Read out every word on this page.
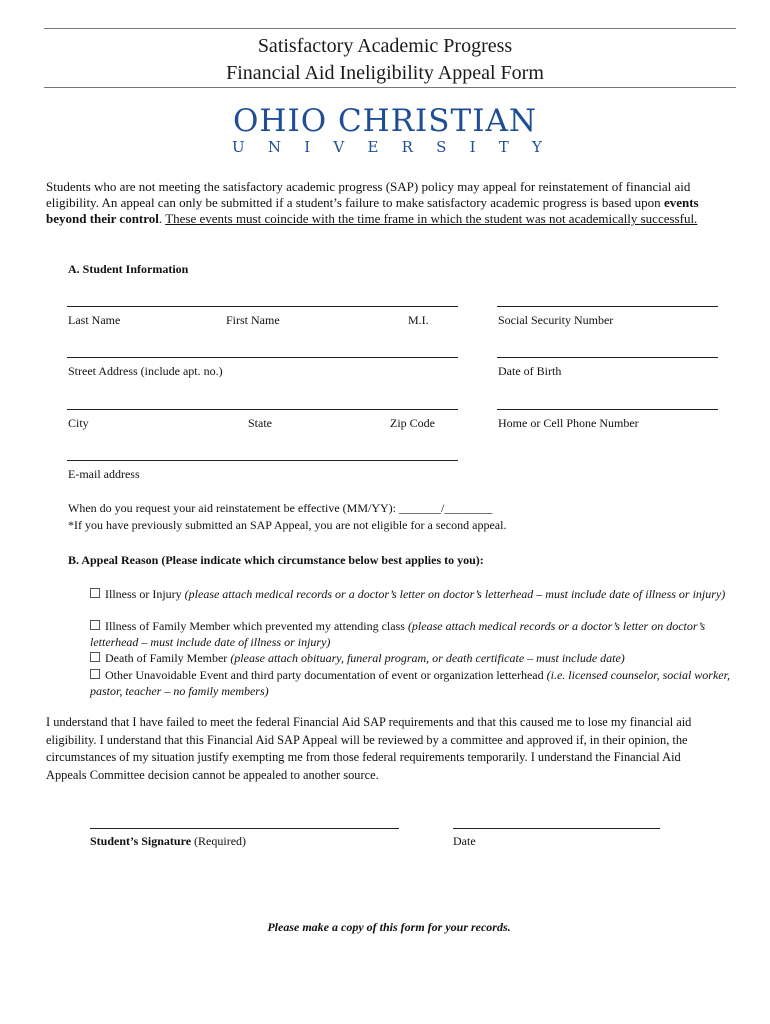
Satisfactory Academic Progress
Financial Aid Ineligibility Appeal Form
OHIO CHRISTIAN
U N I V E R S I T Y
Students who are not meeting the satisfactory academic progress (SAP) policy may appeal for reinstatement of financial aid eligibility. An appeal can only be submitted if a student’s failure to make satisfactory academic progress is based upon events beyond their control. These events must coincide with the time frame in which the student was not academically successful.
A. Student Information
Last Name	First Name	M.I.	Social Security Number
Street Address (include apt. no.)	Date of Birth
City	State	Zip Code	Home or Cell Phone Number
E-mail address
When do you request your aid reinstatement be effective (MM/YY): _______/________
*If you have previously submitted an SAP Appeal, you are not eligible for a second appeal.
B. Appeal Reason (Please indicate which circumstance below best applies to you):
Illness or Injury (please attach medical records or a doctor’s letter on doctor’s letterhead – must include date of illness or injury)
Illness of Family Member which prevented my attending class (please attach medical records or a doctor’s letter on doctor’s letterhead – must include date of illness or injury)
Death of Family Member (please attach obituary, funeral program, or death certificate – must include date)
Other Unavoidable Event and third party documentation of event or organization letterhead (i.e. licensed counselor, social worker, pastor, teacher – no family members)
I understand that I have failed to meet the federal Financial Aid SAP requirements and that this caused me to lose my financial aid eligibility. I understand that this Financial Aid SAP Appeal will be reviewed by a committee and approved if, in their opinion, the circumstances of my situation justify exempting me from those federal requirements temporarily. I understand the Financial Aid Appeals Committee decision cannot be appealed to another source.
Student’s Signature (Required)	Date
Please make a copy of this form for your records.
